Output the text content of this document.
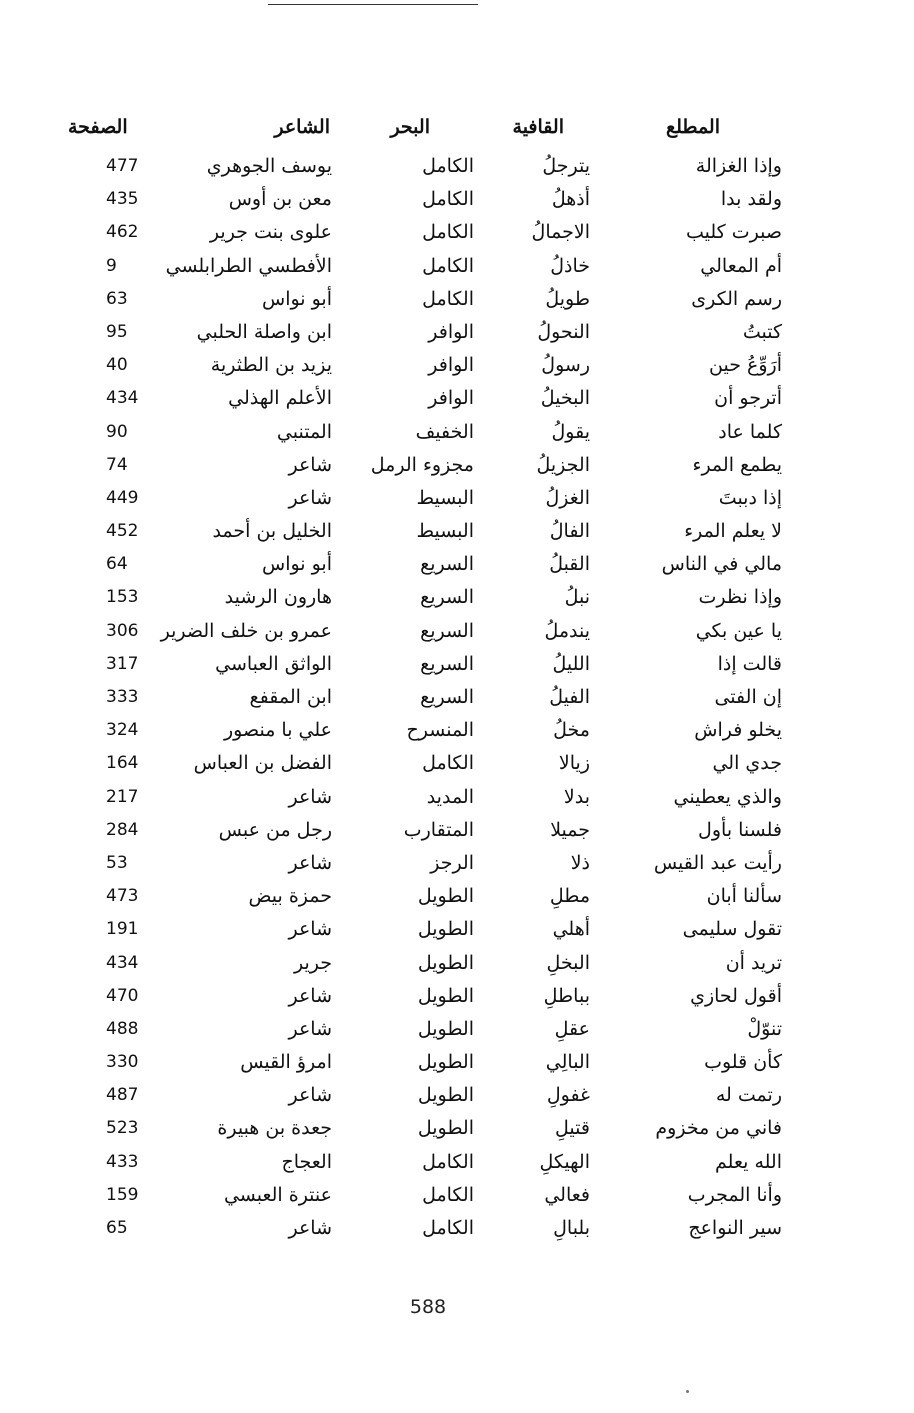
المطلع
القافية
البحر
الشاعر
الصفحة
وإذا الغزالة
يترجلُ
الكامل
يوسف الجوهري
477
ولقد بدا
أذهلُ
الكامل
معن بن أوس
435
صبرت كليب
الاجمالُ
الكامل
علوى بنت جرير
462
أم المعالي
خاذلُ
الكامل
الأفطسي الطرابلسي
9
رسم الكرى
طويلُ
الكامل
أبو نواس
63
كتبتُ
النحولُ
الوافر
ابن واصلة الحلبي
95
أرَوِّعُ حين
رسولُ
الوافر
يزيد بن الطثرية
40
أترجو أن
البخيلُ
الوافر
الأعلم الهذلي
434
كلما عاد
يقولُ
الخفيف
المتنبي
90
يطمع المرء
الجزيلُ
مجزوء الرمل
شاعر
74
إذا دببتَ
الغزلُ
البسيط
شاعر
449
لا يعلم المرء
الفالُ
البسيط
الخليل بن أحمد
452
مالي في الناس
القبلُ
السريع
أبو نواس
64
وإذا نظرت
نبلُ
السريع
هارون الرشيد
153
يا عين بكي
يندملُ
السريع
عمرو بن خلف الضرير
306
قالت إذا
الليلُ
السريع
الواثق العباسي
317
إن الفتى
الفيلُ
السريع
ابن المقفع
333
يخلو فراش
مخلُ
المنسرح
علي با منصور
324
جدي الي
زيالا
الكامل
الفضل بن العباس
164
والذي يعطيني
بدلا
المديد
شاعر
217
فلسنا بأول
جميلا
المتقارب
رجل من عبس
284
رأيت عبد القيس
ذلا
الرجز
شاعر
53
سألنا أبان
مطلِ
الطويل
حمزة بيض
473
تقول سليمى
أهلي
الطويل
شاعر
191
تريد أن
البخلِ
الطويل
جرير
434
أقول لحازي
بباطلِ
الطويل
شاعر
470
تنوّلْ
عقلِ
الطويل
شاعر
488
كأن قلوب
البالِي
الطويل
امرؤ القيس
330
رتمت له
غفولِ
الطويل
شاعر
487
فاني من مخزوم
قتيلِ
الطويل
جعدة بن هبيرة
523
الله يعلم
الهيكلِ
الكامل
العجاج
433
وأنا المجرب
فعالي
الكامل
عنترة العبسي
159
سير النواعج
بلبالِ
الكامل
شاعر
65
588
